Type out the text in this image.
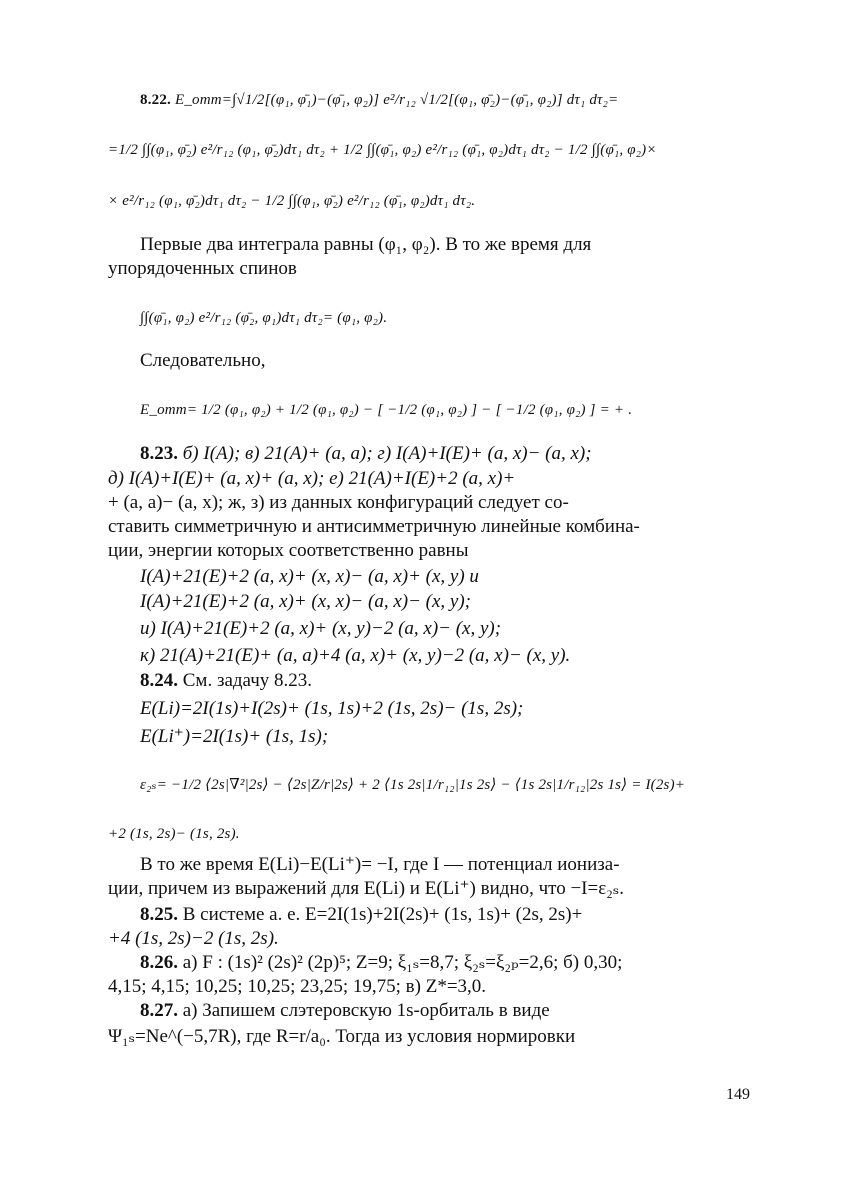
8.22. E_отт=∫√1/2[(φ₁, φ̄₁)−(φ̄₁, φ₂)] e²/r₁₂ √1/2[(φ₁, φ̄₂)−(φ̄₁, φ₂)] dτ₁ dτ₂=
=1/2 ∫∫(φ₁, φ̄₂) e²/r₁₂ (φ₁, φ̄₂)dτ₁ dτ₂ + 1/2 ∫∫(φ̄₁, φ₂) e²/r₁₂ (φ̄₁, φ₂)dτ₁ dτ₂ − 1/2 ∫∫(φ̄₁, φ₂)×
× e²/r₁₂ (φ₁, φ̄₂)dτ₁ dτ₂ − 1/2 ∫∫(φ₁, φ̄₂) e²/r₁₂ (φ̄₁, φ₂)dτ₁ dτ₂.
Первые два интеграла равны (φ₁, φ₂). В то же время для
упорядоченных спинов
∫∫(φ̄₁, φ₂) e²/r₁₂ (φ̄₂, φ₁)dτ₁ dτ₂= (φ₁, φ₂).
Следовательно,
E_отт= 1/2 (φ₁, φ₂) + 1/2 (φ₁, φ₂) − [ −1/2 (φ₁, φ₂) ] − [ −1/2 (φ₁, φ₂) ] = + .
8.23. б) I(A); в) 21(A)+ (a, a); г) I(A)+I(E)+ (a, x)− (a, x);
д) I(A)+I(E)+ (a, x)+ (a, x); е) 21(A)+I(E)+2 (a, x)+
+ (a, a)− (a, x); ж, з) из данных конфигураций следует со-
ставить симметричную и антисимметричную линейные комбина-
ции, энергии которых соответственно равны
I(A)+21(E)+2 (a, x)+ (x, x)− (a, x)+ (x, y) и
I(A)+21(E)+2 (a, x)+ (x, x)− (a, x)− (x, y);
и) I(A)+21(E)+2 (a, x)+ (x, y)−2 (a, x)− (x, y);
к) 21(A)+21(E)+ (a, a)+4 (a, x)+ (x, y)−2 (a, x)− (x, y).
8.24. См. задачу 8.23.
E(Li)=2I(1s)+I(2s)+ (1s, 1s)+2 (1s, 2s)− (1s, 2s);
E(Li⁺)=2I(1s)+ (1s, 1s);
ε₂ₛ= −1/2 ⟨2s|∇²|2s⟩ − ⟨2s|Z/r|2s⟩ + 2 ⟨1s 2s|1/r₁₂|1s 2s⟩ − ⟨1s 2s|1/r₁₂|2s 1s⟩ = I(2s)+
+2 (1s, 2s)− (1s, 2s).
В то же время E(Li)−E(Li⁺)= −I, где I — потенциал иониза-
ции, причем из выражений для E(Li) и E(Li⁺) видно, что −I=ε₂ₛ.
8.25. В системе а. е. E=2I(1s)+2I(2s)+ (1s, 1s)+ (2s, 2s)+
+4 (1s, 2s)−2 (1s, 2s).
8.26. а) F : (1s)² (2s)² (2p)⁵; Z=9; ξ₁ₛ=8,7; ξ₂ₛ=ξ₂ₚ=2,6; б) 0,30;
4,15; 4,15; 10,25; 10,25; 23,25; 19,75; в) Z*=3,0.
8.27. а) Запишем слэтеровскую 1s-орбиталь в виде
Ψ₁ₛ=Ne^(−5,7R), где R=r/a₀. Тогда из условия нормировки
149
